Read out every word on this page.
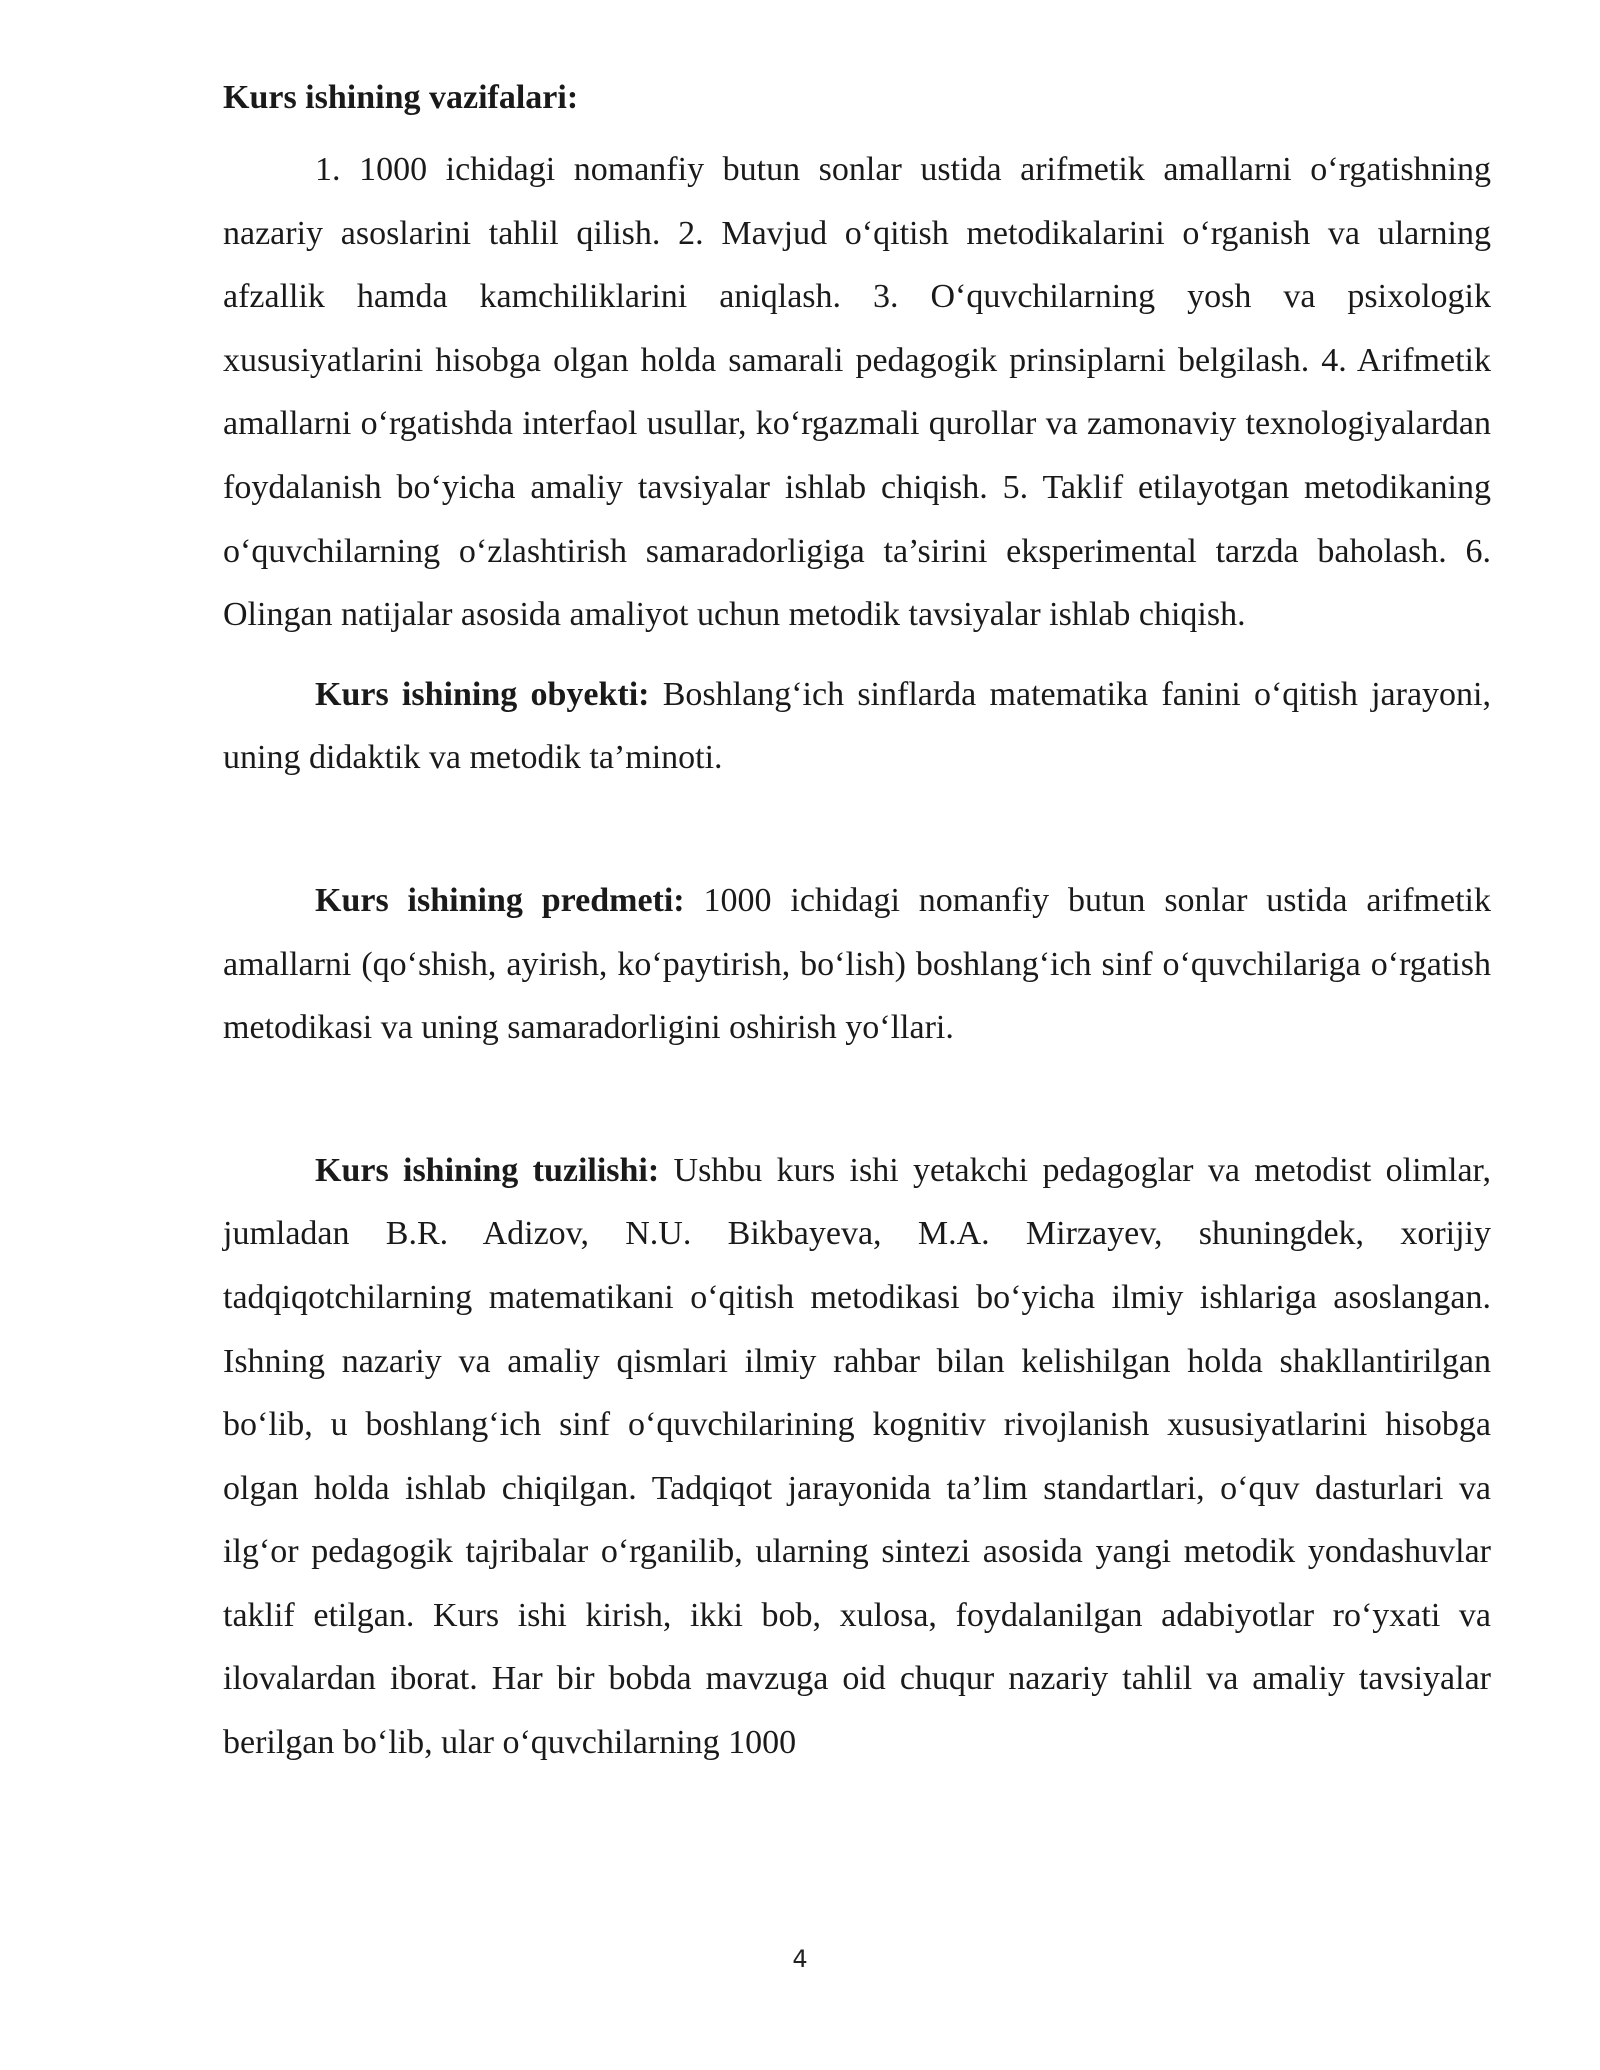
Kurs ishining vazifalari:

1. 1000 ichidagi nomanfiy butun sonlar ustida arifmetik amallarni o‘rgatishning nazariy asoslarini tahlil qilish. 2. Mavjud o‘qitish metodikalarini o‘rganish va ularning afzallik hamda kamchiliklarini aniqlash. 3. O‘quvchilarning yosh va psixologik xususiyatlarini hisobga olgan holda samarali pedagogik prinsiplarni belgilash. 4. Arifmetik amallarni o‘rgatishda interfaol usullar, ko‘rgazmali qurollar va zamonaviy texnologiyalardan foydalanish bo‘yicha amaliy tavsiyalar ishlab chiqish. 5. Taklif etilayotgan metodikaning o‘quvchilarning o‘zlashtirish samaradorligiga ta’sirini eksperimental tarzda baholash. 6. Olingan natijalar asosida amaliyot uchun metodik tavsiyalar ishlab chiqish.

Kurs ishining obyekti: Boshlang‘ich sinflarda matematika fanini o‘qitish jarayoni, uning didaktik va metodik ta’minoti.

Kurs ishining predmeti: 1000 ichidagi nomanfiy butun sonlar ustida arifmetik amallarni (qo‘shish, ayirish, ko‘paytirish, bo‘lish) boshlang‘ich sinf o‘quvchilariga o‘rgatish metodikasi va uning samaradorligini oshirish yo‘llari.

Kurs ishining tuzilishi: Ushbu kurs ishi yetakchi pedagoglar va metodist olimlar, jumladan B.R. Adizov, N.U. Bikbayeva, M.A. Mirzayev, shuningdek, xorijiy tadqiqotchilarning matematikani o‘qitish metodikasi bo‘yicha ilmiy ishlariga asoslangan. Ishning nazariy va amaliy qismlari ilmiy rahbar bilan kelishilgan holda shakllantirilgan bo‘lib, u boshlang‘ich sinf o‘quvchilarining kognitiv rivojlanish xususiyatlarini hisobga olgan holda ishlab chiqilgan. Tadqiqot jarayonida ta’lim standartlari, o‘quv dasturlari va ilg‘or pedagogik tajribalar o‘rganilib, ularning sintezi asosida yangi metodik yondashuvlar taklif etilgan. Kurs ishi kirish, ikki bob, xulosa, foydalanilgan adabiyotlar ro‘yxati va ilovalardan iborat. Har bir bobda mavzuga oid chuqur nazariy tahlil va amaliy tavsiyalar berilgan bo‘lib, ular o‘quvchilarning 1000

4
